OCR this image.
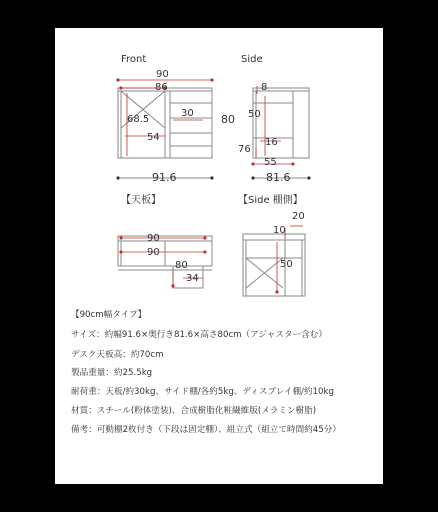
Front	Side
【天板】	【Side 棚側】
90
86
68.5
30
54
91.6
8
80 50
16
76
55
81.6
90
90
80
34
20
10
50
【90cm幅タイプ】
サイズ：約幅91.6×奥行き81.6×高さ80cm（アジャスター含む）
デスク天板高：約70cm
製品重量：約25.5kg
耐荷重：天板/約30kg、サイド棚/各約5kg、ディスプレイ棚/約10kg
材質：スチール(粉体塗装)、合成樹脂化粧繊維版(メラミン樹脂)
備考：可動棚2枚付き（下段は固定棚）、組立式（組立て時間約45分）
